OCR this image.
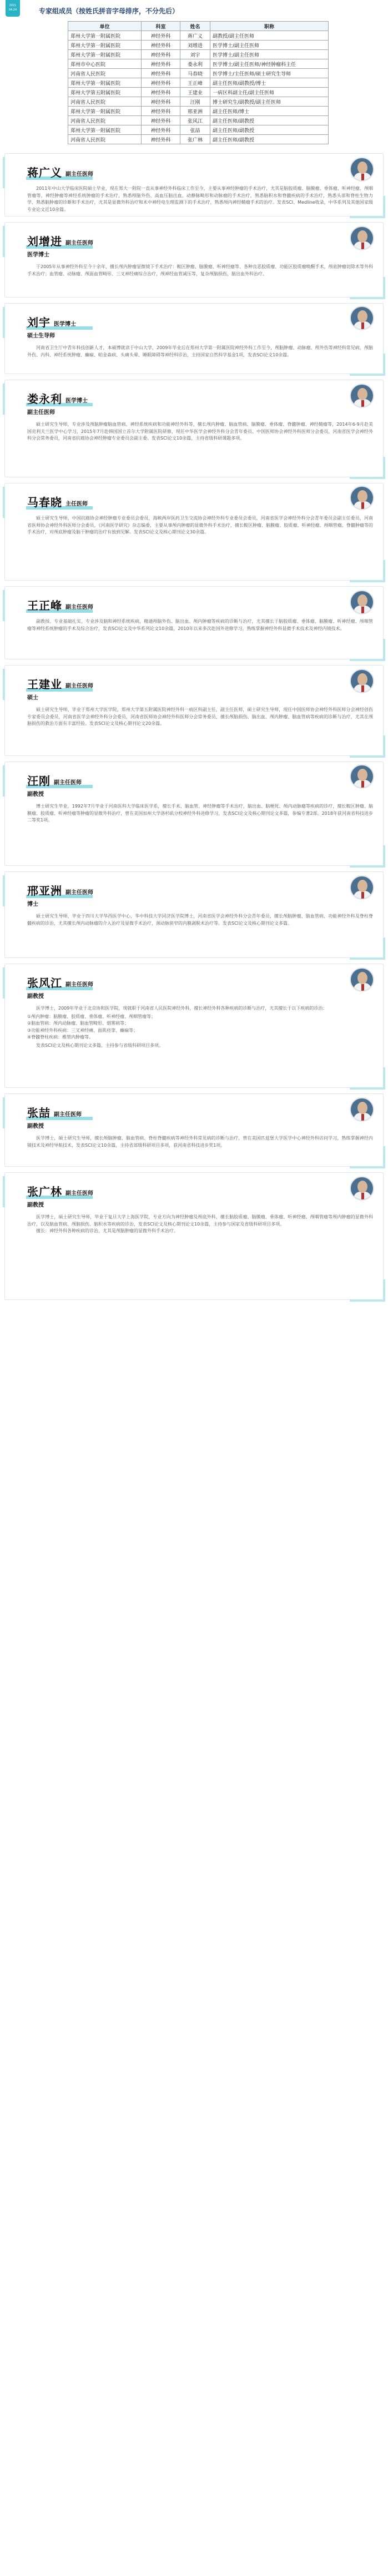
2021
04.24	专家组成员（按姓氏拼音字母排序，不分先后）
单位	科室	姓名	职称
郑州大学第一附属医院	神经外科	蒋广义	副教授/副主任医师
郑州大学第一附属医院	神经外科	刘增进	医学博士/副主任医师
郑州大学第一附属医院	神经外科	刘宇	医学博士/副主任医师
郑州市中心医院	神经外科	娄永利	医学博士/副主任医师/神经肿瘤科主任
河南省人民医院	神经外科	马春晓	医学博士/主任医师/硕士研究生导师
郑州大学第一附属医院	神经外科	王正峰	副主任医师/副教授/博士
郑州大学第五附属医院	神经外科	王建业	一病区科副主任/副主任医师
河南省人民医院	神经外科	汪刚	博士研究生/副教授/副主任医师
郑州大学第一附属医院	神经外科	邢亚洲	副主任医师/博士
河南省人民医院	神经外科	张风江	副主任医师/副教授
郑州大学第一附属医院	神经外科	张喆	副主任医师/副教授
河南省人民医院	神经外科	张广林	副主任医师/副教授
蒋广义 副主任医师

2011年中山大学临床医院硕士毕业，现在郑大一附院一直从事神经外科临床工作至今，主要从事神经肿瘤的手术治疗，尤其是脑胶质瘤、脑膜瘤、垂体瘤、听神经瘤、颅咽管瘤等，神经肿瘤等神经系统肿瘤的手术治疗，熟悉颅脑外伤、高血压脑出血、动静脉畸形和动脉瘤的手术治疗，熟悉脑积水和脊髓疾病的手术治疗，熟悉头部和脊柱生物力学、熟悉脑肿瘤的诊断和手术治疗，尤其是显微外科治疗和术中神经电生理监测下的手术治疗，熟悉颅内神经鞘瘤手术的治疗。发表SCI、Medline收录，中华系列及其他国家级专业论文近10余篇。

刘增进 副主任医师
医学博士

于2005年从事神经外科至今十余年，擅长颅内肿瘤显微镜下手术治疗：鞍区肿瘤、脑膜瘤、听神经瘤等、各种良恶胶质瘤、功能区胶质瘤唤醒手术，颅底肿瘤切除术等外科手术治疗；血管瘤、动脉瘤、颅面血管畸形、三叉神经痛综合治疗，颅神经血管减压等，复杂颅脑损伤，脑出血外科治疗。

刘宇 医学博士
硕士生导师

河南省卫生厅中青年科技创新人才，本硕博就读于中山大学，2009年毕业后在郑州大学第一附属医院神经外科工作至今，颅脑肿瘤、动脉瘤、颅外伤等神经科常见病，颅脑外伤、内科、神经系统肿瘤、癫痫、帕金森病、头痛头晕、睡眠障碍等神经科诊治，主持国家自然科学基金1项，发表SCI论文10余篇。

娄永利 医学博士
副主任医师

硕士研究生导师，专业涉及颅脑肿瘤脑血管病、神经系统疾病和功能神经外科等，擅长颅内肿瘤、脑血管病、脑膜瘤、垂体瘤、脊髓肿瘤、神经鞘瘤等，2014年6-9月赴美国克利夫兰医学中心学习，2015年7月赴韩国国立首尔大学附属医院研修，现任中华医学会神经外科分会青年委员、中国医师协会神经外科医师分会委员，河南省医学会神经外科分会常务委员，河南省抗癌协会神经肿瘤专业委员会副主委。发表SCI论文10余篇，主持省级科研课题多项。

马春晓 主任医师

硕士研究生导师，中国抗癌协会神经肿瘤专业委员会委员，海峡两岸医药卫生交流协会神经外科专业委员会委员，河南省医学会神经外科分会青年委员会副主任委员，河南省医师协会神经外科医师分会委员，《河南医学研究》杂志编委，主要从事颅内肿瘤的显微外科手术治疗，擅长鞍区肿瘤、脑膜瘤、胶质瘤、听神经瘤、颅咽管瘤、脊髓肿瘤等的手术治疗，对颅底肿瘤及脑干肿瘤的治疗有独到见解。发表SCI论文及核心期刊论文30余篇。

王正峰 副主任医师

副教授、专业基础扎实，专业涉及脑和神经系统疾病，精通颅脑外伤、脑出血、颅内肿瘤等疾病的诊断与治疗，尤其擅长于脑胶质瘤、垂体瘤、脑膜瘤、听神经瘤、颅咽管瘤等神经系统肿瘤的手术及综合治疗，发表SCI论文及中华系列论文10余篇，2010年以来多次赴国外进修学习，熟练掌握神经外科显微手术技术及神经内镜技术。

王建业 副主任医师
硕士

硕士研究生导师，毕业于郑州大学医学院，郑州大学第五附属医院神经外科一病区科副主任，副主任医师，硕士研究生导师，现任中国医师协会神经外科医师分会神经创伤专家委员会委员，河南省医学会神经外科分会委员，河南省医师协会神经外科医师分会常务委员，擅长颅脑损伤、脑出血、颅内肿瘤、脑血管病等疾病的诊断与治疗，尤其在颅脑损伤的救治方面有丰富经验。发表SCI论文及核心期刊论文20余篇。

汪刚 副主任医师
副教授

博士研究生毕业，1992年7月毕业于河南医科大学临床医学系，擅长手术、脑血管、神经肿瘤等手术治疗，脑出血、脑梗死、颅内动脉瘤等疾病的诊疗，擅长鞍区肿瘤、脑膜瘤、胶质瘤、听神经瘤等肿瘤的显微外科治疗，曾在美国加州大学洛杉矶分校神经外科进修学习，发表SCI论文及核心期刊论文多篇，参编专著2部。2018年获河南省科技进步二等奖1项。

邢亚洲 副主任医师
博士

硕士研究生导师，毕业于四川大学华西医学中心，华中科技大学同济医学院博士，河南省医学会神经外科分会青年委员，擅长颅脑肿瘤、脑血管病、功能神经外科及脊柱脊髓疾病的诊治，尤其擅长颅内动脉瘤的介入治疗及显微手术治疗，颈动脉狭窄的内膜剥脱术治疗等。发表SCI论文及核心期刊论文多篇。

张风江 副主任医师
副教授

医学博士，2009年毕业于北京协和医学院，现就职于河南省人民医院神经外科，擅长神经外科各种疾病的诊断与治疗，尤其擅长于以下疾病的诊治：

①颅内肿瘤：脑膜瘤、胶质瘤、垂体瘤、听神经瘤、颅咽管瘤等；

②脑血管病：颅内动脉瘤、脑血管畸形、烟雾病等；

③功能神经外科疾病：三叉神经痛、面肌痉挛、癫痫等；

④脊髓脊柱疾病：椎管内肿瘤等。

发表SCI论文及核心期刊论文多篇，主持参与省级科研项目多项。

张喆 副主任医师
副教授

医学博士，硕士研究生导师，擅长颅脑肿瘤、脑血管病、脊柱脊髓疾病等神经外科常见病的诊断与治疗，曾在美国匹兹堡大学医学中心神经外科访问学习，熟练掌握神经内镜技术及神经导航技术，发表SCI论文10余篇，主持省部级科研项目多项，获河南省科技进步奖1项。

张广林 副主任医师
副教授

医学博士，硕士研究生导师，毕业于复旦大学上海医学院，专业方向为神经肿瘤及颅底外科，擅长脑胶质瘤、脑膜瘤、垂体瘤、听神经瘤、颅咽管瘤等颅内肿瘤的显微外科治疗，以及脑血管病、颅脑损伤、脑积水等疾病的诊治，发表SCI论文及核心期刊论文10余篇，主持参与国家及省级科研项目多项。

擅长：神经外科各种疾病的诊治，尤其是颅脑肿瘤的显微外科手术治疗。
